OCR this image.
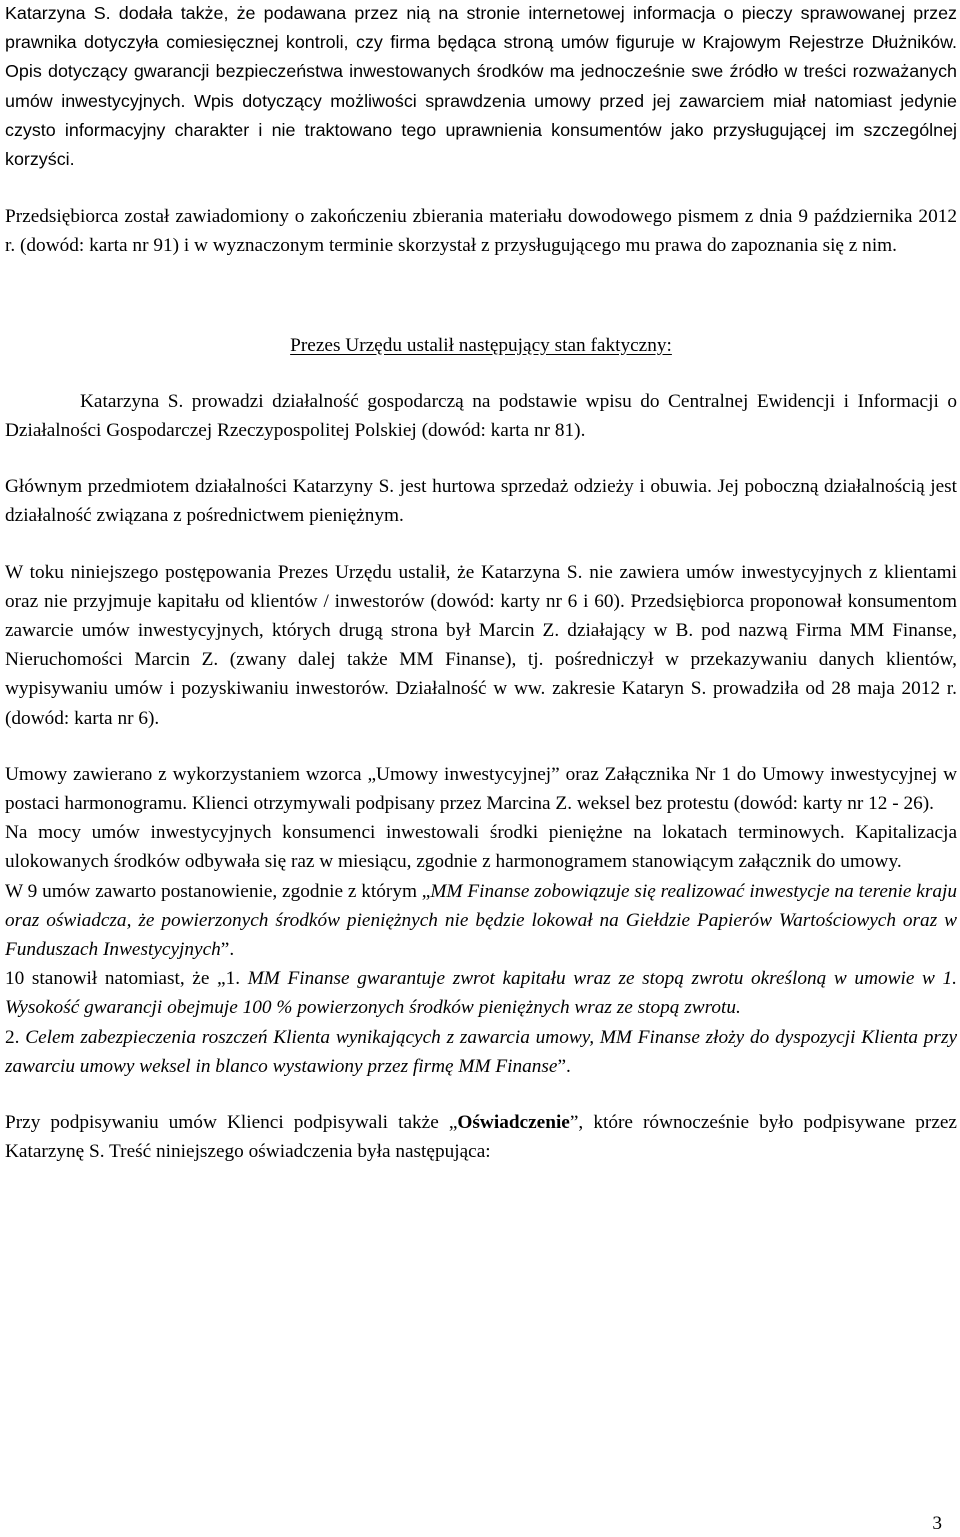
Katarzyna S. dodała także, że podawana przez nią na stronie internetowej informacja o pieczy sprawowanej przez prawnika dotyczyła comiesięcznej kontroli, czy firma będąca stroną umów figuruje w Krajowym Rejestrze Dłużników. Opis dotyczący gwarancji bezpieczeństwa inwestowanych środków ma jednocześnie swe źródło w treści rozważanych umów inwestycyjnych. Wpis dotyczący możliwości sprawdzenia umowy przed jej zawarciem miał natomiast jedynie czysto informacyjny charakter i nie traktowano tego uprawnienia konsumentów jako przysługującej im szczególnej korzyści.

Przedsiębiorca został zawiadomiony o zakończeniu zbierania materiału dowodowego pismem z dnia 9 października 2012 r. (dowód: karta nr 91) i w wyznaczonym terminie skorzystał z przysługującego mu prawa do zapoznania się z nim.

Prezes Urzędu ustalił następujący stan faktyczny:

Katarzyna S. prowadzi działalność gospodarczą na podstawie wpisu do Centralnej Ewidencji i Informacji o Działalności Gospodarczej Rzeczypospolitej Polskiej (dowód: karta nr 81).

Głównym przedmiotem działalności Katarzyny S. jest hurtowa sprzedaż odzieży i obuwia. Jej poboczną działalnością jest działalność związana z pośrednictwem pieniężnym.

W toku niniejszego postępowania Prezes Urzędu ustalił, że Katarzyna S. nie zawiera umów inwestycyjnych z klientami oraz nie przyjmuje kapitału od klientów / inwestorów (dowód: karty nr 6 i 60). Przedsiębiorca proponował konsumentom zawarcie umów inwestycyjnych, których drugą strona był Marcin Z. działający w B. pod nazwą Firma MM Finanse, Nieruchomości Marcin Z. (zwany dalej także MM Finanse), tj. pośredniczył w przekazywaniu danych klientów, wypisywaniu umów i pozyskiwaniu inwestorów. Działalność w ww. zakresie Kataryn S. prowadziła od 28 maja 2012 r. (dowód: karta nr 6).

Umowy zawierano z wykorzystaniem wzorca „Umowy inwestycyjnej” oraz Załącznika Nr 1 do Umowy inwestycyjnej w postaci harmonogramu. Klienci otrzymywali podpisany przez Marcina Z. weksel bez protestu (dowód: karty nr 12 - 26).

Na mocy umów inwestycyjnych konsumenci inwestowali środki pieniężne na lokatach terminowych. Kapitalizacja ulokowanych środków odbywała się raz w miesiącu, zgodnie z harmonogramem stanowiącym załącznik do umowy.

W 9 umów zawarto postanowienie, zgodnie z którym „MM Finanse zobowiązuje się realizować inwestycje na terenie kraju oraz oświadcza, że powierzonych środków pieniężnych nie będzie lokował na Giełdzie Papierów Wartościowych oraz w Funduszach Inwestycyjnych”.

10 stanowił natomiast, że „1. MM Finanse gwarantuje zwrot kapitału wraz ze stopą zwrotu określoną w umowie w 1. Wysokość gwarancji obejmuje 100 % powierzonych środków pieniężnych wraz ze stopą zwrotu.

2. Celem zabezpieczenia roszczeń Klienta wynikających z zawarcia umowy, MM Finanse złoży do dyspozycji Klienta przy zawarciu umowy weksel in blanco wystawiony przez firmę MM Finanse”.

Przy podpisywaniu umów Klienci podpisywali także „Oświadczenie”, które równocześnie było podpisywane przez Katarzynę S. Treść niniejszego oświadczenia była następująca:

3
